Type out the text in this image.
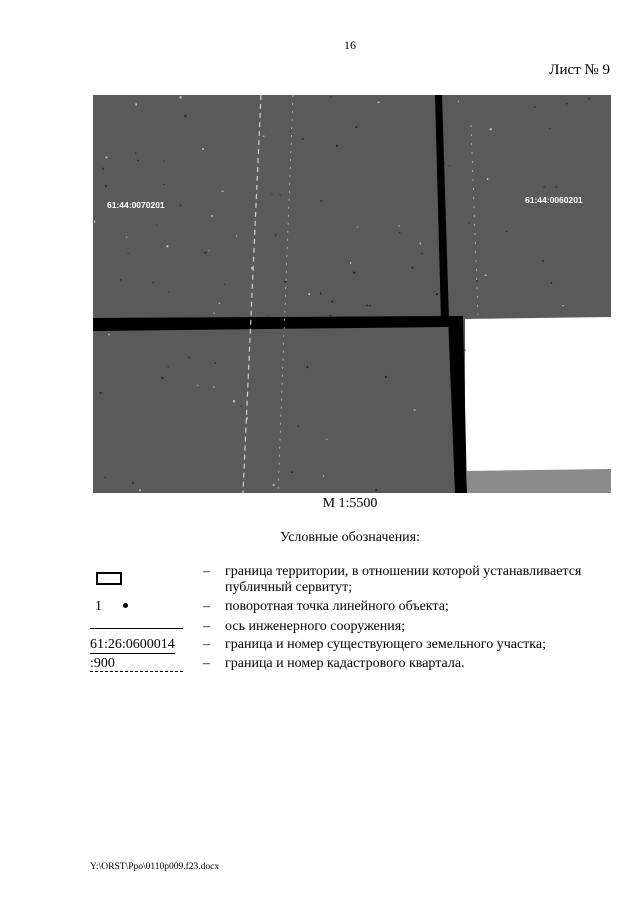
16
Лист № 9
61:44:0070201	61:44:0060201
М 1:5500
Условные обозначения:
1
61:26:0600014
:900
– граница территории, в отношении которой устанавливается публичный сервитут;
– поворотная точка линейного объекта;
– ось инженерного сооружения;
– граница и номер существующего земельного участка;
– граница и номер кадастрового квартала.
Y:\ORST\Ppo\0110p009.f23.docx
